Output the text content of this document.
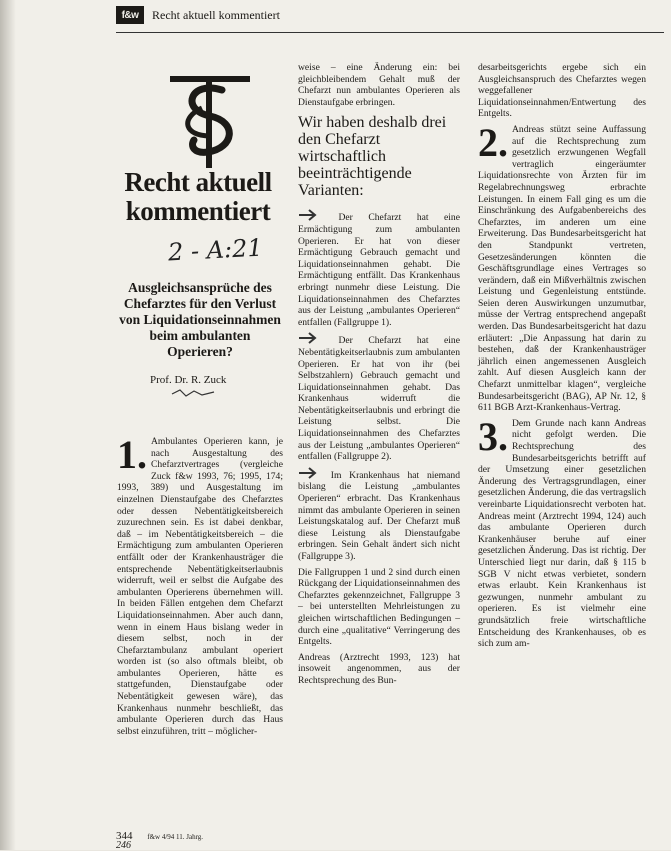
f&w	Recht aktuell kommentiert
Recht aktuell
kommentiert
2 - A:21
Ausgleichsansprüche des Chefarztes für den Verlust von Liquidationseinnahmen beim ambulanten Operieren?
Prof. Dr. R. Zuck

1. Ambulantes Operieren kann, je nach Ausgestaltung des Chefarztvertrages (vergleiche Zuck f&w 1993, 76; 1995, 174; 1993, 389) und Ausgestaltung im einzelnen Dienstaufgabe des Chefarztes oder dessen Nebentätigkeitsbereich zuzurechnen sein. Es ist dabei denkbar, daß – im Nebentätigkeitsbereich – die Ermächtigung zum ambulanten Operieren entfällt oder der Krankenhausträger die entsprechende Nebentätigkeitserlaubnis widerruft, weil er selbst die Aufgabe des ambulanten Operierens übernehmen will. In beiden Fällen entgehen dem Chefarzt Liquidationseinnahmen. Aber auch dann, wenn in einem Haus bislang weder in diesem selbst, noch in der Chefarztambulanz ambulant operiert worden ist (so also oftmals bleibt, ob ambulantes Operieren, hätte es stattgefunden, Dienstaufgabe oder Nebentätigkeit gewesen wäre), das Krankenhaus nunmehr beschließt, das ambulante Operieren durch das Haus selbst einzuführen, tritt – möglicher-

weise – eine Änderung ein: bei gleichbleibendem Gehalt muß der Chefarzt nun ambulantes Operieren als Dienstaufgabe erbringen.

Wir haben deshalb drei den Chefarzt wirtschaftlich beeinträchtigende Varianten:

Der Chefarzt hat eine Ermächtigung zum ambulanten Operieren. Er hat von dieser Ermächtigung Gebrauch gemacht und Liquidationseinnahmen gehabt. Die Ermächtigung entfällt. Das Krankenhaus erbringt nunmehr diese Leistung. Die Liquidationseinnahmen des Chefarztes aus der Leistung „ambulantes Operieren“ entfallen (Fallgruppe 1).

Der Chefarzt hat eine Nebentätigkeitserlaubnis zum ambulanten Operieren. Er hat von ihr (bei Selbstzahlern) Gebrauch gemacht und Liquidationseinnahmen gehabt. Das Krankenhaus widerruft die Nebentätigkeitserlaubnis und erbringt die Leistung selbst. Die Liquidationseinnahmen des Chefarztes aus der Leistung „ambulantes Operieren“ entfallen (Fallgruppe 2).

Im Krankenhaus hat niemand bislang die Leistung „ambulantes Operieren“ erbracht. Das Krankenhaus nimmt das ambulante Operieren in seinen Leistungskatalog auf. Der Chefarzt muß diese Leistung als Dienstaufgabe erbringen. Sein Gehalt ändert sich nicht (Fallgruppe 3).

Die Fallgruppen 1 und 2 sind durch einen Rückgang der Liquidationseinnahmen des Chefarztes gekennzeichnet, Fallgruppe 3 – bei unterstellten Mehrleistungen zu gleichen wirtschaftlichen Bedingungen – durch eine „qualitative“ Verringerung des Entgelts.

Andreas (Arztrecht 1993, 123) hat insoweit angenommen, aus der Rechtsprechung des Bun-

desarbeitsgerichts ergebe sich ein Ausgleichsanspruch des Chefarztes wegen weggefallener Liquidationseinnahmen/Entwertung des Entgelts.

2. Andreas stützt seine Auffassung auf die Rechtsprechung zum gesetzlich erzwungenen Wegfall vertraglich eingeräumter Liquidationsrechte von Ärzten für im Regelabrechnungsweg erbrachte Leistungen. In einem Fall ging es um die Einschränkung des Aufgabenbereichs des Chefarztes, im anderen um eine Erweiterung. Das Bundesarbeitsgericht hat den Standpunkt vertreten, Gesetzesänderungen könnten die Geschäftsgrundlage eines Vertrages so verändern, daß ein Mißverhältnis zwischen Leistung und Gegenleistung entstünde. Seien deren Auswirkungen unzumutbar, müsse der Vertrag entsprechend angepaßt werden. Das Bundesarbeitsgericht hat dazu erläutert: „Die Anpassung hat darin zu bestehen, daß der Krankenhausträger jährlich einen angemessenen Ausgleich zahlt. Auf diesen Ausgleich kann der Chefarzt unmittelbar klagen“, vergleiche Bundesarbeitsgericht (BAG), AP Nr. 12, § 611 BGB Arzt-Krankenhaus-Vertrag.

3. Dem Grunde nach kann Andreas nicht gefolgt werden. Die Rechtsprechung des Bundesarbeitsgerichts betrifft auf der Umsetzung einer gesetzlichen Änderung des Vertragsgrundlagen, einer gesetzlichen Änderung, die das vertragslich vereinbarte Liquidationsrecht verboten hat. Andreas meint (Arztrecht 1994, 124) auch das ambulante Operieren durch Krankenhäuser beruhe auf einer gesetzlichen Änderung. Das ist richtig. Der Unterschied liegt nur darin, daß § 115 b SGB V nicht etwas verbietet, sondern etwas erlaubt. Kein Krankenhaus ist gezwungen, nunmehr ambulant zu operieren. Es ist vielmehr eine grundsätzlich freie wirtschaftliche Entscheidung des Krankenhauses, ob es sich zum am-

344 f&w 4/94 11. Jahrg.
246
